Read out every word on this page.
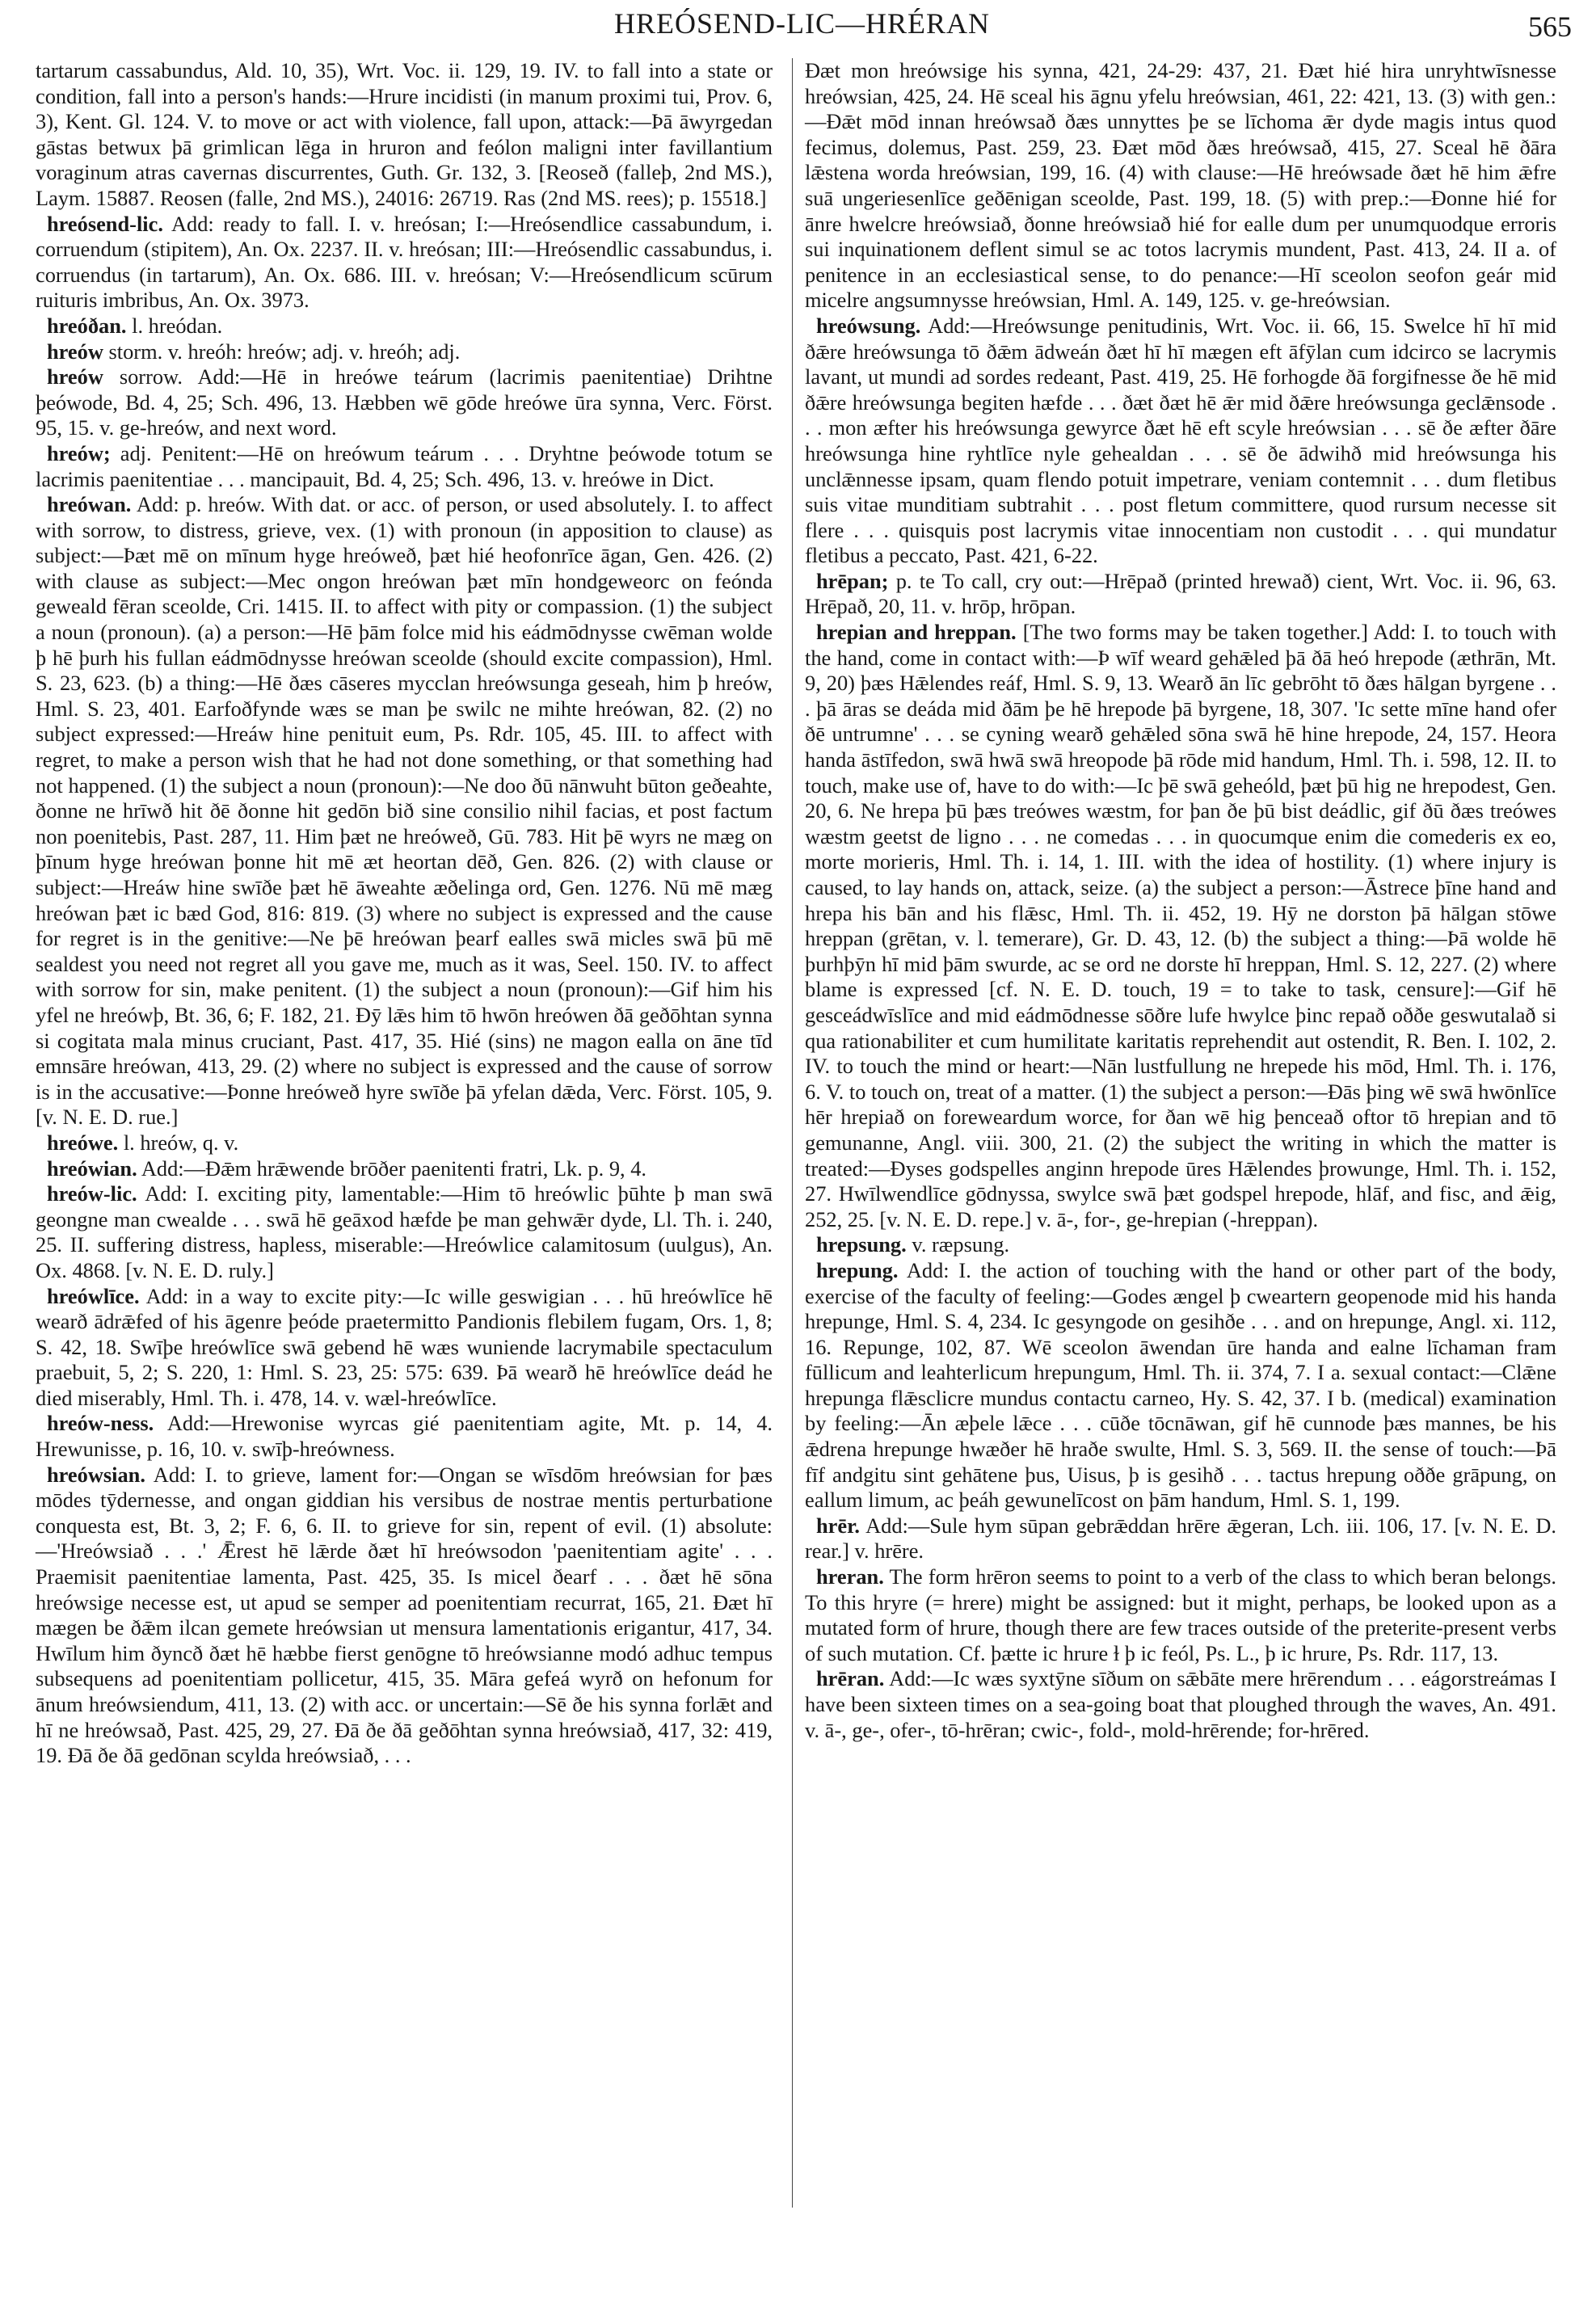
HREÓSEND-LIC—HRÉRAN	565

tartarum cassabundus, Ald. 10, 35), Wrt. Voc. ii. 129, 19. IV. to fall into a state or condition, fall into a person's hands:—Hrure incidisti (in manum proximi tui, Prov. 6, 3), Kent. Gl. 124. V. to move or act with violence, fall upon, attack:—Þā āwyrgedan gāstas betwux þā grimlican lēga in hruron and feólon maligni inter favillantium voraginum atras cavernas discurrentes, Guth. Gr. 132, 3. [Reoseð (falleþ, 2nd MS.), Laym. 15887. Reosen (falle, 2nd MS.), 24016: 26719. Ras (2nd MS. rees); p. 15518.]

hreósend-lic. Add: ready to fall. I. v. hreósan; I:—Hreósendlice cassabundum, i. corruendum (stipitem), An. Ox. 2237. II. v. hreósan; III:—Hreósendlic cassabundus, i. corruendus (in tartarum), An. Ox. 686. III. v. hreósan; V:—Hreósendlicum scūrum ruituris imbribus, An. Ox. 3973.

hreóðan. l. hreódan.

hreów storm. v. hreóh: hreów; adj. v. hreóh; adj.

hreów sorrow. Add:—Hē in hreówe teárum (lacrimis paenitentiae) Drihtne þeówode, Bd. 4, 25; Sch. 496, 13. Hæbben wē gōde hreówe ūra synna, Verc. Först. 95, 15. v. ge-hreów, and next word.

hreów; adj. Penitent:—Hē on hreówum teárum . . . Dryhtne þeówode totum se lacrimis paenitentiae . . . mancipauit, Bd. 4, 25; Sch. 496, 13. v. hreówe in Dict.

hreówan. Add: p. hreów. With dat. or acc. of person, or used absolutely. I. to affect with sorrow, to distress, grieve, vex. (1) with pronoun (in apposition to clause) as subject:—Þæt mē on mīnum hyge hreóweð, þæt hié heofonrīce āgan, Gen. 426. (2) with clause as subject:—Mec ongon hreówan þæt mīn hondgeweorc on feónda geweald fēran sceolde, Cri. 1415. II. to affect with pity or compassion. (1) the subject a noun (pronoun). (a) a person:—Hē þām folce mid his eádmōdnysse cwēman wolde þ hē þurh his fullan eádmōdnysse hreówan sceolde (should excite compassion), Hml. S. 23, 623. (b) a thing:—Hē ðæs cāseres mycclan hreówsunga geseah, him þ hreów, Hml. S. 23, 401. Earfoðfynde wæs se man þe swilc ne mihte hreówan, 82. (2) no subject expressed:—Hreáw hine penituit eum, Ps. Rdr. 105, 45. III. to affect with regret, to make a person wish that he had not done something, or that something had not happened. (1) the subject a noun (pronoun):—Ne doo ðū nānwuht būton geðeahte, ðonne ne hrīwð hit ðē ðonne hit gedōn bið sine consilio nihil facias, et post factum non poenitebis, Past. 287, 11. Him þæt ne hreóweð, Gū. 783. Hit þē wyrs ne mæg on þīnum hyge hreówan þonne hit mē æt heortan dēð, Gen. 826. (2) with clause or subject:—Hreáw hine swīðe þæt hē āweahte æðelinga ord, Gen. 1276. Nū mē mæg hreówan þæt ic bæd God, 816: 819. (3) where no subject is expressed and the cause for regret is in the genitive:—Ne þē hreówan þearf ealles swā micles swā þū mē sealdest you need not regret all you gave me, much as it was, Seel. 150. IV. to affect with sorrow for sin, make penitent. (1) the subject a noun (pronoun):—Gif him his yfel ne hreówþ, Bt. 36, 6; F. 182, 21. Ðȳ lǣs him tō hwōn hreówen ðā geðōhtan synna si cogitata mala minus cruciant, Past. 417, 35. Hié (sins) ne magon ealla on āne tīd emnsāre hreówan, 413, 29. (2) where no subject is expressed and the cause of sorrow is in the accusative:—Þonne hreóweð hyre swīðe þā yfelan dǣda, Verc. Först. 105, 9. [v. N. E. D. rue.]

hreówe. l. hreów, q. v.

hreówian. Add:—Ðǣm hrǣwende brōðer paenitenti fratri, Lk. p. 9, 4.

hreów-lic. Add: I. exciting pity, lamentable:—Him tō hreówlic þūhte þ man swā geongne man cwealde . . . swā hē geāxod hæfde þe man gehwǣr dyde, Ll. Th. i. 240, 25. II. suffering distress, hapless, miserable:—Hreówlice calamitosum (uulgus), An. Ox. 4868. [v. N. E. D. ruly.]

hreówlīce. Add: in a way to excite pity:—Ic wille geswigian . . . hū hreówlīce hē wearð ādrǣfed of his āgenre þeóde praetermitto Pandionis flebilem fugam, Ors. 1, 8; S. 42, 18. Swīþe hreówlīce swā gebend hē wæs wuniende lacrymabile spectaculum praebuit, 5, 2; S. 220, 1: Hml. S. 23, 25: 575: 639. Þā wearð hē hreówlīce deád he died miserably, Hml. Th. i. 478, 14. v. wæl-hreówlīce.

hreów-ness. Add:—Hrewonise wyrcas gié paenitentiam agite, Mt. p. 14, 4. Hrewunisse, p. 16, 10. v. swīþ-hreówness.

hreówsian. Add: I. to grieve, lament for:—Ongan se wīsdōm hreówsian for þæs mōdes tȳdernesse, and ongan giddian his versibus de nostrae mentis perturbatione conquesta est, Bt. 3, 2; F. 6, 6. II. to grieve for sin, repent of evil. (1) absolute:—'Hreówsiað . . .' Ǣrest hē lǣrde ðæt hī hreówsodon 'paenitentiam agite' . . . Praemisit paenitentiae lamenta, Past. 425, 35. Is micel ðearf . . . ðæt hē sōna hreówsige necesse est, ut apud se semper ad poenitentiam recurrat, 165, 21. Ðæt hī mægen be ðǣm ilcan gemete hreówsian ut mensura lamentationis erigantur, 417, 34. Hwīlum him ðyncð ðæt hē hæbbe fierst genōgne tō hreówsianne modó adhuc tempus subsequens ad poenitentiam pollicetur, 415, 35. Māra gefeá wyrð on hefonum for ānum hreówsiendum, 411, 13. (2) with acc. or uncertain:—Sē ðe his synna forlǣt and hī ne hreówsað, Past. 425, 29, 27. Ðā ðe ðā geðōhtan synna hreówsiað, 417, 32: 419, 19. Ðā ðe ðā gedōnan scylda hreówsiað, . . .

Ðæt mon hreówsige his synna, 421, 24-29: 437, 21. Ðæt hié hira unryhtwīsnesse hreówsian, 425, 24. Hē sceal his āgnu yfelu hreówsian, 461, 22: 421, 13. (3) with gen.:—Ðǣt mōd innan hreówsað ðæs unnyttes þe se līchoma ǣr dyde magis intus quod fecimus, dolemus, Past. 259, 23. Ðæt mōd ðæs hreówsað, 415, 27. Sceal hē ðāra lǣstena worda hreówsian, 199, 16. (4) with clause:—Hē hreówsade ðæt hē him ǣfre suā ungeriesenlīce geðēnigan sceolde, Past. 199, 18. (5) with prep.:—Ðonne hié for ānre hwelcre hreówsiað, ðonne hreówsiað hié for ealle dum per unumquodque erroris sui inquinationem deflent simul se ac totos lacrymis mundent, Past. 413, 24. II a. of penitence in an ecclesiastical sense, to do penance:—Hī sceolon seofon geár mid micelre angsumnysse hreówsian, Hml. A. 149, 125. v. ge-hreówsian.

hreówsung. Add:—Hreówsunge penitudinis, Wrt. Voc. ii. 66, 15. Swelce hī hī mid ðǣre hreówsunga tō ðǣm ādweán ðæt hī hī mægen eft āfȳlan cum idcirco se lacrymis lavant, ut mundi ad sordes redeant, Past. 419, 25. Hē forhogde ðā forgifnesse ðe hē mid ðǣre hreówsunga begiten hæfde . . . ðæt ðæt hē ǣr mid ðǣre hreówsunga geclǣnsode . . . mon æfter his hreówsunga gewyrce ðæt hē eft scyle hreówsian . . . sē ðe æfter ðāre hreówsunga hine ryhtlīce nyle gehealdan . . . sē ðe ādwihð mid hreówsunga his unclǣnnesse ipsam, quam flendo potuit impetrare, veniam contemnit . . . dum fletibus suis vitae munditiam subtrahit . . . post fletum committere, quod rursum necesse sit flere . . . quisquis post lacrymis vitae innocentiam non custodit . . . qui mundatur fletibus a peccato, Past. 421, 6-22.

hrēpan; p. te To call, cry out:—Hrēpað (printed hrewað) cient, Wrt. Voc. ii. 96, 63. Hrēpað, 20, 11. v. hrōp, hrōpan.

hrepian and hreppan. [The two forms may be taken together.] Add: I. to touch with the hand, come in contact with:—Þ wīf weard gehǣled þā ðā heó hrepode (æthrān, Mt. 9, 20) þæs Hǣlendes reáf, Hml. S. 9, 13. Wearð ān līc gebrōht tō ðæs hālgan byrgene . . . þā āras se deáda mid ðām þe hē hrepode þā byrgene, 18, 307. 'Ic sette mīne hand ofer ðē untrumne' . . . se cyning wearð gehǣled sōna swā hē hine hrepode, 24, 157. Heora handa āstīfedon, swā hwā swā hreopode þā rōde mid handum, Hml. Th. i. 598, 12. II. to touch, make use of, have to do with:—Ic þē swā geheóld, þæt þū hig ne hrepodest, Gen. 20, 6. Ne hrepa þū þæs treówes wæstm, for þan ðe þū bist deádlic, gif ðū ðæs treówes wæstm geetst de ligno . . . ne comedas . . . in quocumque enim die comederis ex eo, morte morieris, Hml. Th. i. 14, 1. III. with the idea of hostility. (1) where injury is caused, to lay hands on, attack, seize. (a) the subject a person:—Āstrece þīne hand and hrepa his bān and his flǣsc, Hml. Th. ii. 452, 19. Hȳ ne dorston þā hālgan stōwe hreppan (grētan, v. l. temerare), Gr. D. 43, 12. (b) the subject a thing:—Þā wolde hē þurhþȳn hī mid þām swurde, ac se ord ne dorste hī hreppan, Hml. S. 12, 227. (2) where blame is expressed [cf. N. E. D. touch, 19 = to take to task, censure]:—Gif hē gesceádwīslīce and mid eádmōdnesse sōðre lufe hwylce þinc repað oððe geswutalað si qua rationabiliter et cum humilitate karitatis reprehendit aut ostendit, R. Ben. I. 102, 2. IV. to touch the mind or heart:—Nān lustfullung ne hrepede his mōd, Hml. Th. i. 176, 6. V. to touch on, treat of a matter. (1) the subject a person:—Ðās þing wē swā hwōnlīce hēr hrepiað on foreweardum worce, for ðan wē hig þenceað oftor tō hrepian and tō gemunanne, Angl. viii. 300, 21. (2) the subject the writing in which the matter is treated:—Ðyses godspelles anginn hrepode ūres Hǣlendes þrowunge, Hml. Th. i. 152, 27. Hwīlwendlīce gōdnyssa, swylce swā þæt godspel hrepode, hlāf, and fisc, and ǣig, 252, 25. [v. N. E. D. repe.] v. ā-, for-, ge-hrepian (-hreppan).

hrepsung. v. ræpsung.

hrepung. Add: I. the action of touching with the hand or other part of the body, exercise of the faculty of feeling:—Godes ængel þ cweartern geopenode mid his handa hrepunge, Hml. S. 4, 234. Ic gesyngode on gesihðe . . . and on hrepunge, Angl. xi. 112, 16. Repunge, 102, 87. Wē sceolon āwendan ūre handa and ealne līchaman fram fūllicum and leahterlicum hrepungum, Hml. Th. ii. 374, 7. I a. sexual contact:—Clǣne hrepunga flǣsclicre mundus contactu carneo, Hy. S. 42, 37. I b. (medical) examination by feeling:—Ān æþele lǣce . . . cūðe tōcnāwan, gif hē cunnode þæs mannes, be his ǣdrena hrepunge hwæðer hē hraðe swulte, Hml. S. 3, 569. II. the sense of touch:—Þā fīf andgitu sint gehātene þus, Uisus, þ is gesihð . . . tactus hrepung oððe grāpung, on eallum limum, ac þeáh gewunelīcost on þām handum, Hml. S. 1, 199.

hrēr. Add:—Sule hym sūpan gebrǣddan hrēre ǣgeran, Lch. iii. 106, 17. [v. N. E. D. rear.] v. hrēre.

hreran. The form hrēron seems to point to a verb of the class to which beran belongs. To this hryre (= hrere) might be assigned: but it might, perhaps, be looked upon as a mutated form of hrure, though there are few traces outside of the preterite-present verbs of such mutation. Cf. þætte ic hrure ɫ þ ic feól, Ps. L., þ ic hrure, Ps. Rdr. 117, 13.

hrēran. Add:—Ic wæs syxtȳne sīðum on sǣbāte mere hrērendum . . . eágorstreámas I have been sixteen times on a sea-going boat that ploughed through the waves, An. 491. v. ā-, ge-, ofer-, tō-hrēran; cwic-, fold-, mold-hrērende; for-hrēred.
